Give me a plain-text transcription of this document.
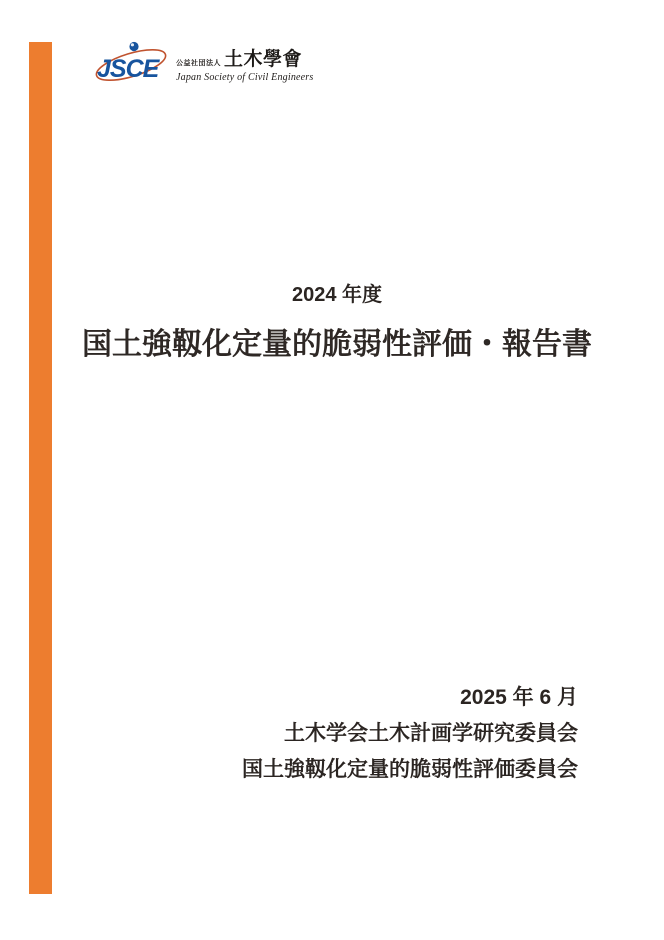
JSCE	公益社団法人 土木學會
Japan Society of Civil Engineers
2024 年度
国土強靱化定量的脆弱性評価・報告書
2025 年 6 月
土木学会土木計画学研究委員会
国土強靱化定量的脆弱性評価委員会
